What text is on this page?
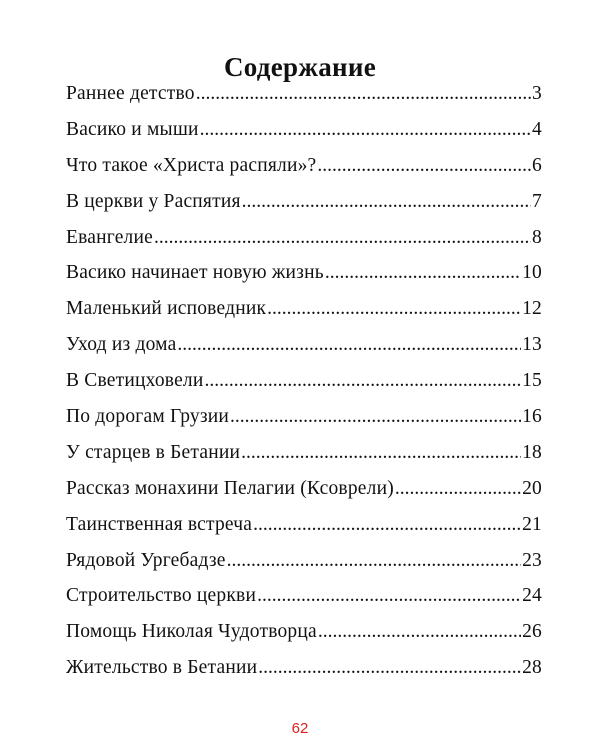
Содержание
Раннее детство .....	3
Васико и мыши .....	4
Что такое «Христа распяли»? .....	6
В церкви у Распятия .....	7
Евангелие .....	8
Васико начинает новую жизнь .....	10
Маленький исповедник .....	12
Уход из дома .....	13
В Светицховели .....	15
По дорогам Грузии .....	16
У старцев в Бетании .....	18
Рассказ монахини Пелагии (Ксоврели) .....	20
Таинственная встреча .....	21
Рядовой Ургебадзе .....	23
Строительство церкви .....	24
Помощь Николая Чудотворца .....	26
Жительство в Бетании .....	28
62
